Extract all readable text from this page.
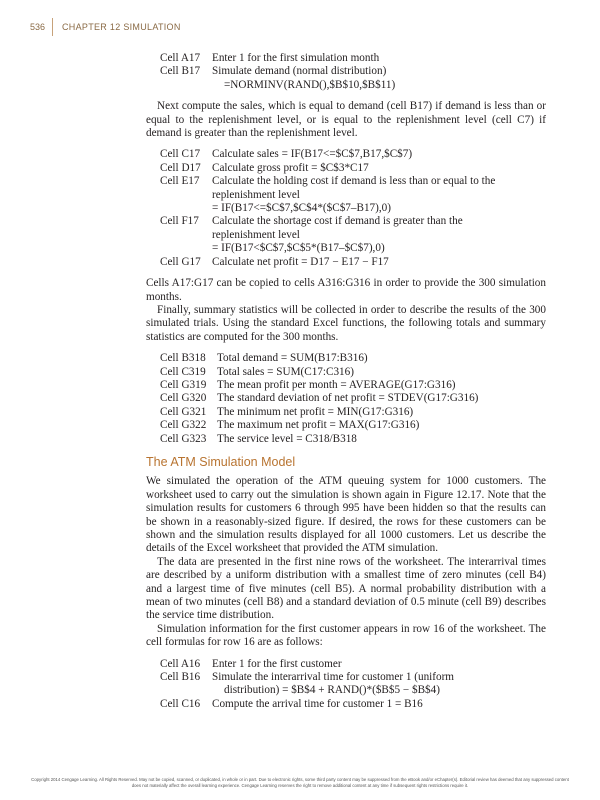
536 CHAPTER 12 SIMULATION
Cell A17	Enter 1 for the first simulation month
Cell B17	Simulate demand (normal distribution)
=NORMINV(RAND(),$B$10,$B$11)

Next compute the sales, which is equal to demand (cell B17) if demand is less than or equal to the replenishment level, or is equal to the replenishment level (cell C7) if demand is greater than the replenishment level.

Cell C17	Calculate sales = IF(B17<=$C$7,B17,$C$7)
Cell D17	Calculate gross profit = $C$3*C17
Cell E17	Calculate the holding cost if demand is less than or equal to the
replenishment level
= IF(B17<=$C$7,$C$4*($C$7–B17),0)
Cell F17	Calculate the shortage cost if demand is greater than the
replenishment level
= IF(B17<$C$7,$C$5*(B17–$C$7),0)
Cell G17	Calculate net profit = D17 − E17 − F17

Cells A17:G17 can be copied to cells A316:G316 in order to provide the 300 simulation months.

Finally, summary statistics will be collected in order to describe the results of the 300 simulated trials. Using the standard Excel functions, the following totals and summary statistics are computed for the 300 months.

Cell B318	Total demand = SUM(B17:B316)
Cell C319	Total sales = SUM(C17:C316)
Cell G319 The mean profit per month = AVERAGE(G17:G316)
Cell G320 The standard deviation of net profit = STDEV(G17:G316)
Cell G321 The minimum net profit = MIN(G17:G316)
Cell G322 The maximum net profit = MAX(G17:G316)
Cell G323 The service level = C318/B318
The ATM Simulation Model

We simulated the operation of the ATM queuing system for 1000 customers. The worksheet used to carry out the simulation is shown again in Figure 12.17. Note that the simulation results for customers 6 through 995 have been hidden so that the results can be shown in a reasonably-sized figure. If desired, the rows for these customers can be shown and the simulation results displayed for all 1000 customers. Let us describe the details of the Excel worksheet that provided the ATM simulation.

The data are presented in the first nine rows of the worksheet. The interarrival times are described by a uniform distribution with a smallest time of zero minutes (cell B4) and a largest time of five minutes (cell B5). A normal probability distribution with a mean of two minutes (cell B8) and a standard deviation of 0.5 minute (cell B9) describes the service time distribution.

Simulation information for the first customer appears in row 16 of the worksheet. The cell formulas for row 16 are as follows:

Cell A16	Enter 1 for the first customer
Cell B16	Simulate the interarrival time for customer 1 (uniform
distribution) = $B$4 + RAND()*($B$5 − $B$4)
Cell C16	Compute the arrival time for customer 1 = B16
Copyright 2014 Cengage Learning. All Rights Reserved. May not be copied, scanned, or duplicated, in whole or in part. Due to electronic rights, some third party content may be suppressed from the eBook and/or eChapter(s). Editorial review has deemed that any suppressed content does not materially affect the overall learning experience. Cengage Learning reserves the right to remove additional content at any time if subsequent rights restrictions require it.
